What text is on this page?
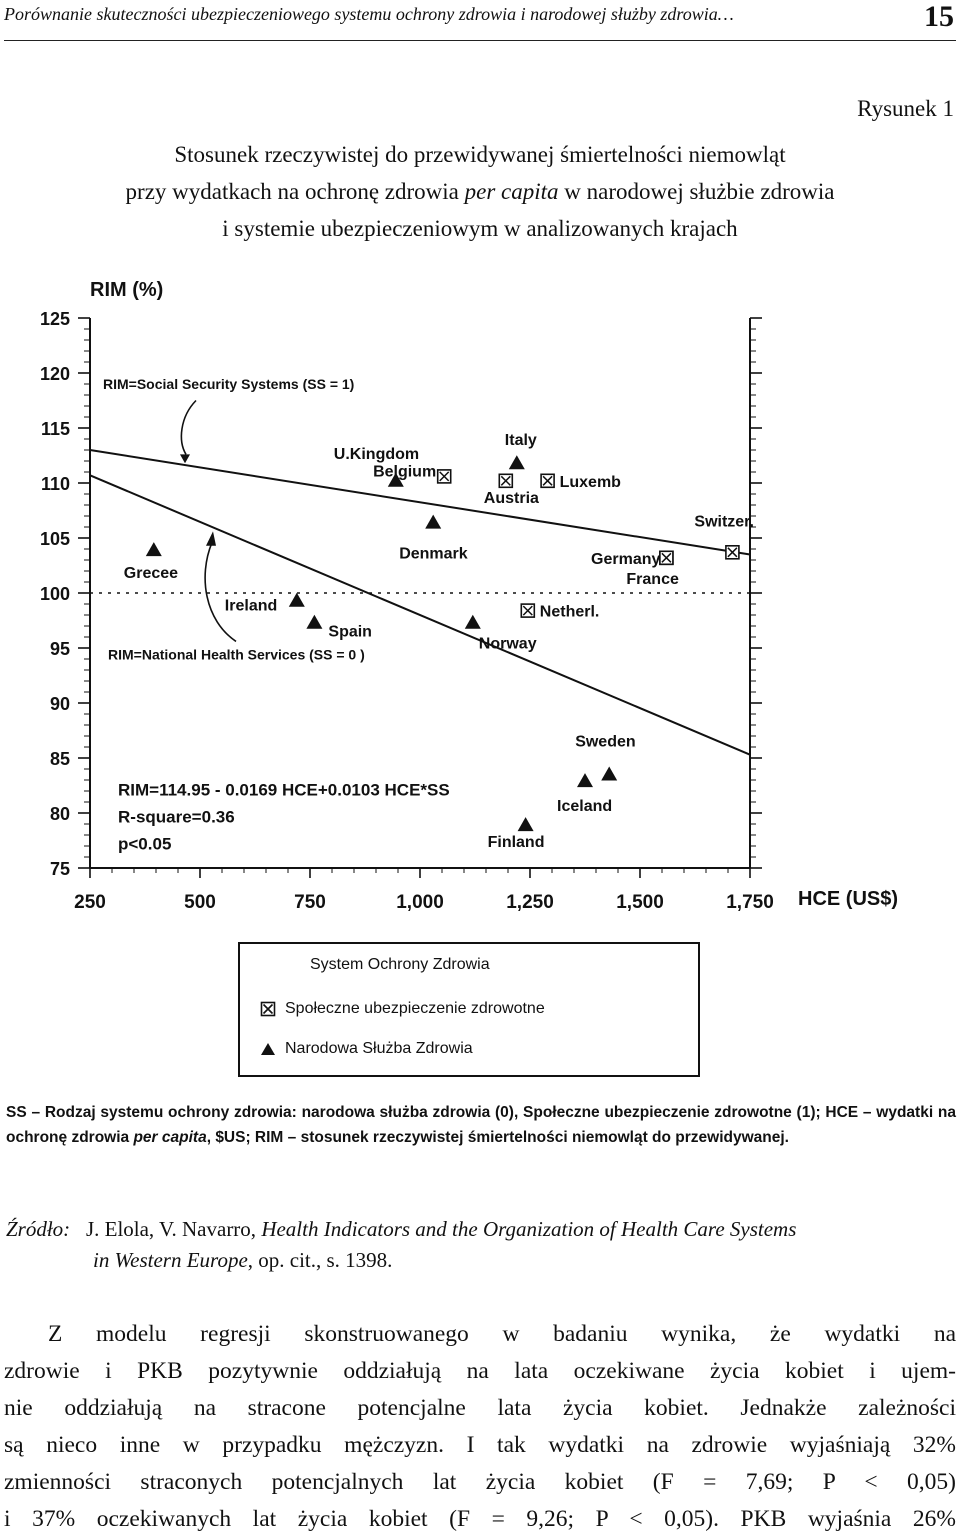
Porównanie skuteczności ubezpieczeniowego systemu ochrony zdrowia i narodowej służby zdrowia…	15
Rysunek 1
Stosunek rzeczywistej do przewidywanej śmiertelności niemowląt
przy wydatkach na ochronę zdrowia per capita w narodowej służbie zdrowia
i systemie ubezpieczeniowym w analizowanych krajach
75
80
85
90
95
100
105
110
115
120
125
250	500	750	1,000	1,250	1,500	1,750
RIM (%)
HCE (US$)
RIM=Social Security Systems (SS = 1)
RIM=National Health Services (SS = 0 )
Belgium
Austria
Luxemb
Switzer.
Germany
France
Netherl.
Italy
U.Kingdom
Denmark
Grecee
Ireland
Spain
Norway
Sweden
Iceland
Finland
RIM=114.95 - 0.0169 HCE+0.0103 HCE*SS
R-square=0.36
p<0.05
System Ochrony Zdrowia
Społeczne ubezpieczenie zdrowotne
Narodowa Służba Zdrowia
SS – Rodzaj systemu ochrony zdrowia: narodowa służba zdrowia (0), Społeczne ubezpieczenie zdrowotne (1); HCE – wydatki na ochronę zdrowia per capita, $US; RIM – stosunek rzeczywistej śmiertelności niemowląt do przewidywanej.
Źródło: J. Elola, V. Navarro, Health Indicators and the Organization of Health Care Systems
in Western Europe, op. cit., s. 1398.
Z modelu regresji skonstruowanego w badaniu wynika, że wydatki na
zdrowie i PKB pozytywnie oddziałują na lata oczekiwane życia kobiet i ujem-
nie oddziałują na stracone potencjalne lata życia kobiet. Jednakże zależności
są nieco inne w przypadku mężczyzn. I tak wydatki na zdrowie wyjaśniają 32%
zmienności straconych potencjalnych lat życia kobiet (F = 7,69; P < 0,05)
i 37% oczekiwanych lat życia kobiet (F = 9,26; P < 0,05). PKB wyjaśnia 26%
